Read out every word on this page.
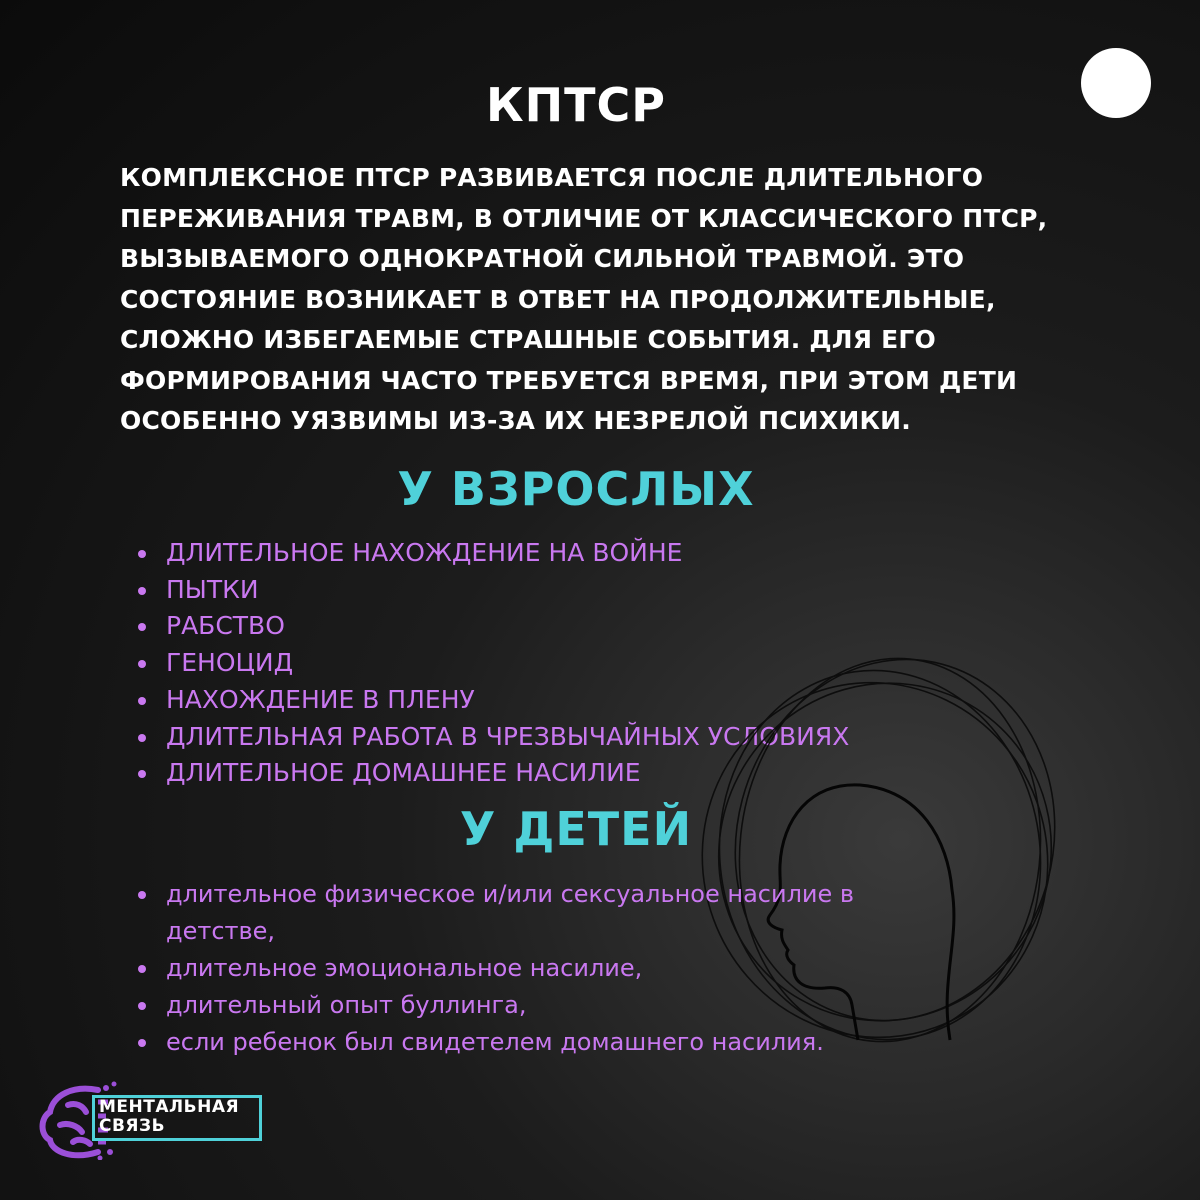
КПТСР
КОМПЛЕКСНОЕ ПТСР РАЗВИВАЕТСЯ ПОСЛЕ ДЛИТЕЛЬНОГО
ПЕРЕЖИВАНИЯ ТРАВМ, В ОТЛИЧИЕ ОТ КЛАССИЧЕСКОГО ПТСР,
ВЫЗЫВАЕМОГО ОДНОКРАТНОЙ СИЛЬНОЙ ТРАВМОЙ. ЭТО
СОСТОЯНИЕ ВОЗНИКАЕТ В ОТВЕТ НА ПРОДОЛЖИТЕЛЬНЫЕ,
СЛОЖНО ИЗБЕГАЕМЫЕ СТРАШНЫЕ СОБЫТИЯ. ДЛЯ ЕГО
ФОРМИРОВАНИЯ ЧАСТО ТРЕБУЕТСЯ ВРЕМЯ, ПРИ ЭТОМ ДЕТИ
ОСОБЕННО УЯЗВИМЫ ИЗ-ЗА ИХ НЕЗРЕЛОЙ ПСИХИКИ.
У ВЗРОСЛЫХ
ДЛИТЕЛЬНОЕ НАХОЖДЕНИЕ НА ВОЙНЕ
ПЫТКИ
РАБСТВО
ГЕНОЦИД
НАХОЖДЕНИЕ В ПЛЕНУ
ДЛИТЕЛЬНАЯ РАБОТА В ЧРЕЗВЫЧАЙНЫХ УСЛОВИЯХ
ДЛИТЕЛЬНОЕ ДОМАШНЕЕ НАСИЛИЕ
У ДЕТЕЙ
длительное физическое и/или сексуальное насилие в детстве,
длительное эмоциональное насилие,
длительный опыт буллинга,
если ребенок был свидетелем домашнего насилия.
МЕНТАЛЬНАЯ
СВЯЗЬ
